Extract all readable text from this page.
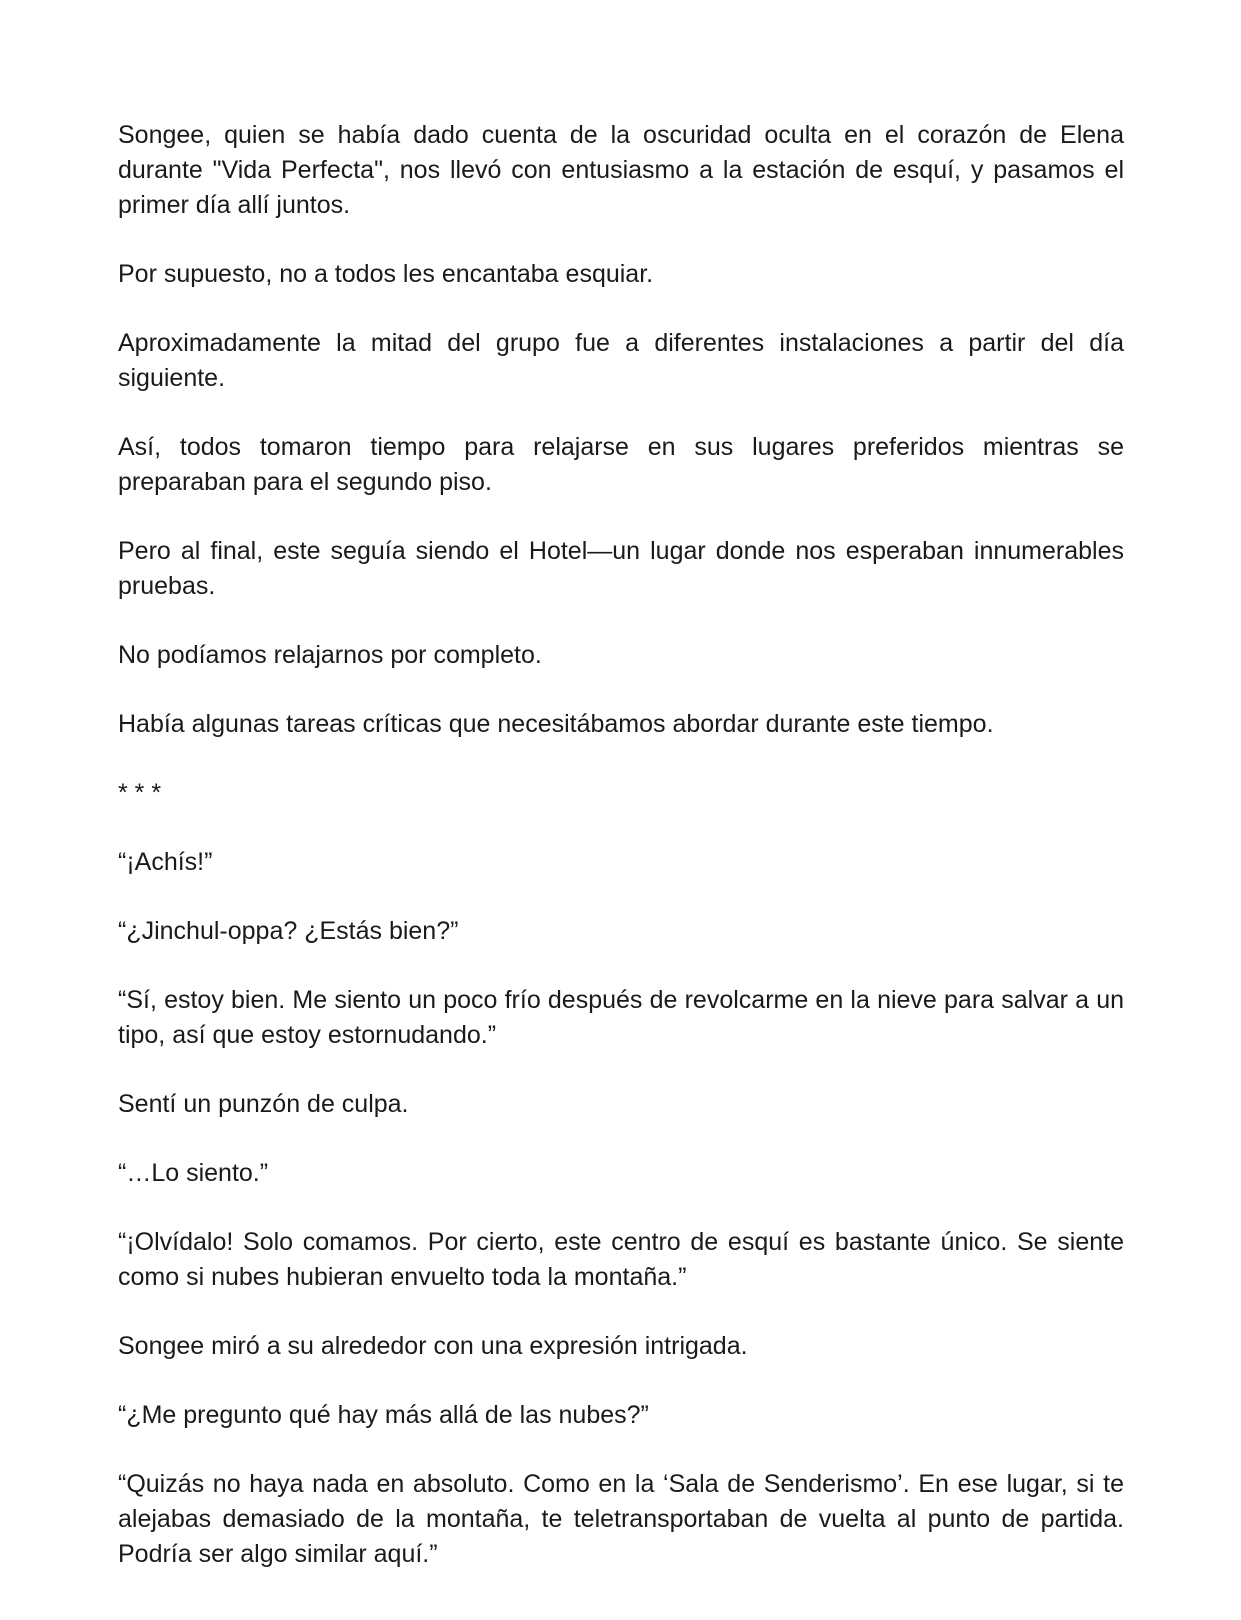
Songee, quien se había dado cuenta de la oscuridad oculta en el corazón de Elena durante "Vida Perfecta", nos llevó con entusiasmo a la estación de esquí, y pasamos el primer día allí juntos.

Por supuesto, no a todos les encantaba esquiar.

Aproximadamente la mitad del grupo fue a diferentes instalaciones a partir del día siguiente.

Así, todos tomaron tiempo para relajarse en sus lugares preferidos mientras se preparaban para el segundo piso.

Pero al final, este seguía siendo el Hotel—un lugar donde nos esperaban innumerables pruebas.

No podíamos relajarnos por completo.

Había algunas tareas críticas que necesitábamos abordar durante este tiempo.

* * *

“¡Achís!”

“¿Jinchul-oppa? ¿Estás bien?”

“Sí, estoy bien. Me siento un poco frío después de revolcarme en la nieve para salvar a un tipo, así que estoy estornudando.”

Sentí un punzón de culpa.

“…Lo siento.”

“¡Olvídalo! Solo comamos. Por cierto, este centro de esquí es bastante único. Se siente como si nubes hubieran envuelto toda la montaña.”

Songee miró a su alrededor con una expresión intrigada.

“¿Me pregunto qué hay más allá de las nubes?”

“Quizás no haya nada en absoluto. Como en la ‘Sala de Senderismo’. En ese lugar, si te alejabas demasiado de la montaña, te teletransportaban de vuelta al punto de partida. Podría ser algo similar aquí.”
